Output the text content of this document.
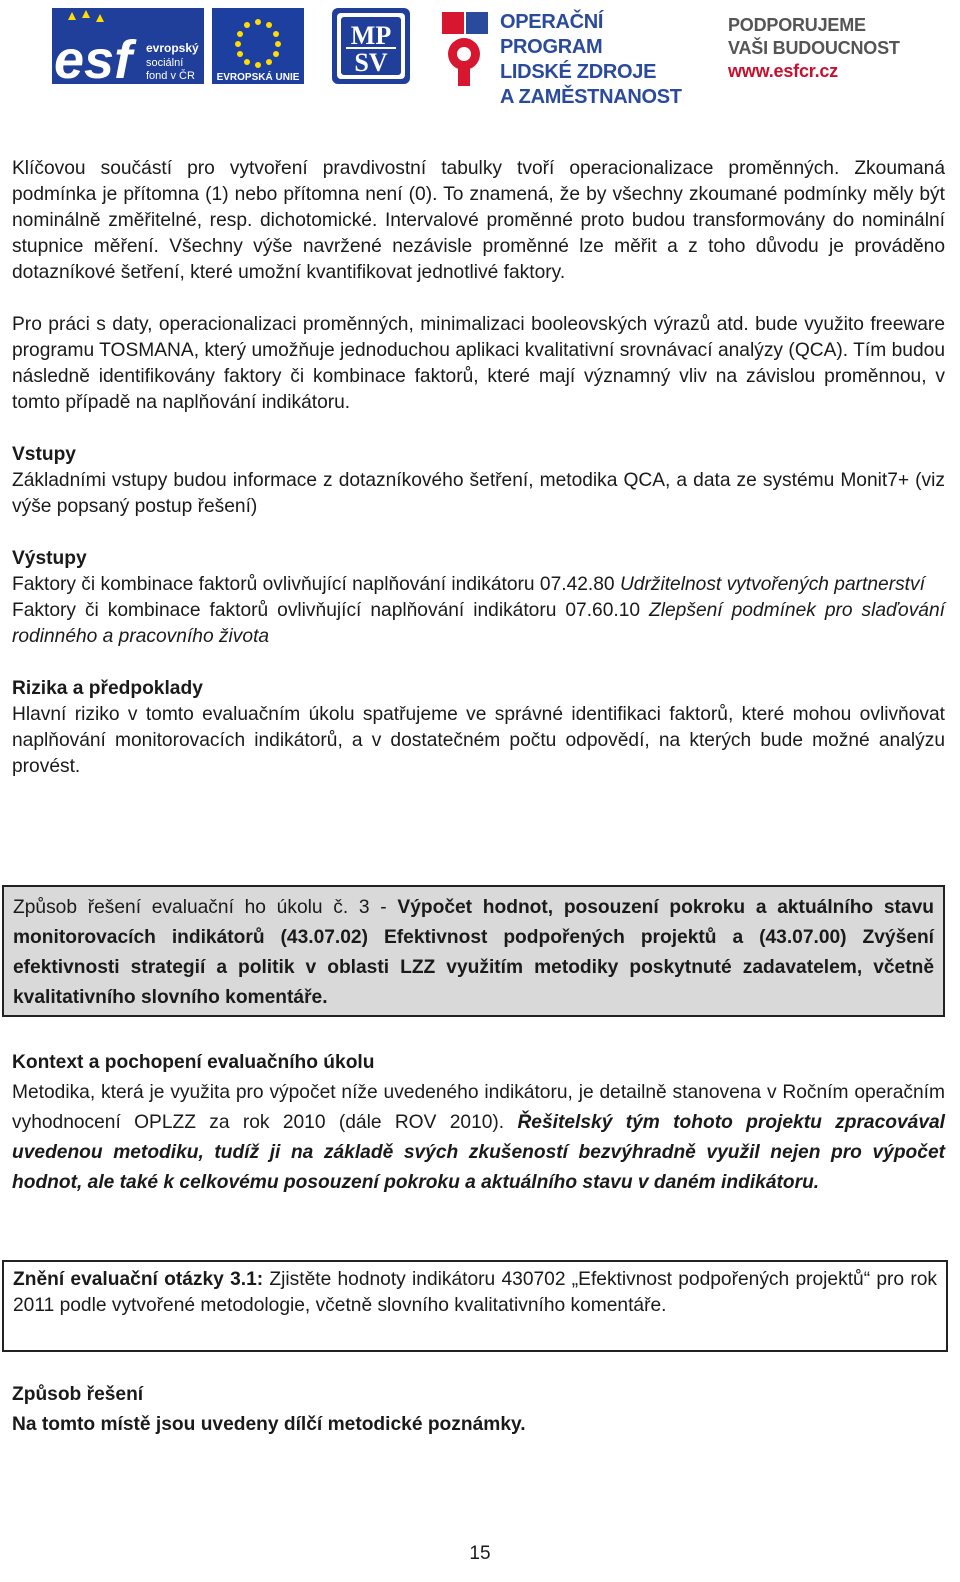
esf	evropský
sociální
fond v ČR EVROPSKÁ UNIE
MP
SV
OPERAČNÍ PROGRAM
LIDSKÉ ZDROJE
A ZAMĚSTNANOST
PODPORUJEME
VAŠI BUDOUCNOST
www.esfcr.cz

Klíčovou součástí pro vytvoření pravdivostní tabulky tvoří operacionalizace proměnných. Zkoumaná podmínka je přítomna (1) nebo přítomna není (0). To znamená, že by všechny zkoumané podmínky měly být nominálně změřitelné, resp. dichotomické. Intervalové proměnné proto budou transformovány do nominální stupnice měření. Všechny výše navržené nezávisle proměnné lze měřit a z toho důvodu je prováděno dotazníkové šetření, které umožní kvantifikovat jednotlivé faktory.

Pro práci s daty, operacionalizaci proměnných, minimalizaci booleovských výrazů atd. bude využito freeware programu TOSMANA, který umožňuje jednoduchou aplikaci kvalitativní srovnávací analýzy (QCA). Tím budou následně identifikovány faktory či kombinace faktorů, které mají významný vliv na závislou proměnnou, v tomto případě na naplňování indikátoru.

Vstupy

Základními vstupy budou informace z dotazníkového šetření, metodika QCA, a data ze systému Monit7+ (viz výše popsaný postup řešení)

Výstupy

Faktory či kombinace faktorů ovlivňující naplňování indikátoru 07.42.80 Udržitelnost vytvořených partnerství

Faktory či kombinace faktorů ovlivňující naplňování indikátoru 07.60.10 Zlepšení podmínek pro slaďování rodinného a pracovního života

Rizika a předpoklady

Hlavní riziko v tomto evaluačním úkolu spatřujeme ve správné identifikaci faktorů, které mohou ovlivňovat naplňování monitorovacích indikátorů, a v dostatečném počtu odpovědí, na kterých bude možné analýzu provést.

Způsob řešení evaluační ho úkolu č. 3 - Výpočet hodnot, posouzení pokroku a aktuálního stavu monitorovacích indikátorů (43.07.02) Efektivnost podpořených projektů a (43.07.00) Zvýšení efektivnosti strategií a politik v oblasti LZZ využitím metodiky poskytnuté zadavatelem, včetně kvalitativního slovního komentáře.

Kontext a pochopení evaluačního úkolu

Metodika, která je využita pro výpočet níže uvedeného indikátoru, je detailně stanovena v Ročním operačním vyhodnocení OPLZZ za rok 2010 (dále ROV 2010). Řešitelský tým tohoto projektu zpracovával uvedenou metodiku, tudíž ji na základě svých zkušeností bezvýhradně využil nejen pro výpočet hodnot, ale také k celkovému posouzení pokroku a aktuálního stavu v daném indikátoru.

Znění evaluační otázky 3.1: Zjistěte hodnoty indikátoru 430702 „Efektivnost podpořených projektů“ pro rok 2011 podle vytvořené metodologie, včetně slovního kvalitativního komentáře.

Způsob řešení

Na tomto místě jsou uvedeny dílčí metodické poznámky.

15
